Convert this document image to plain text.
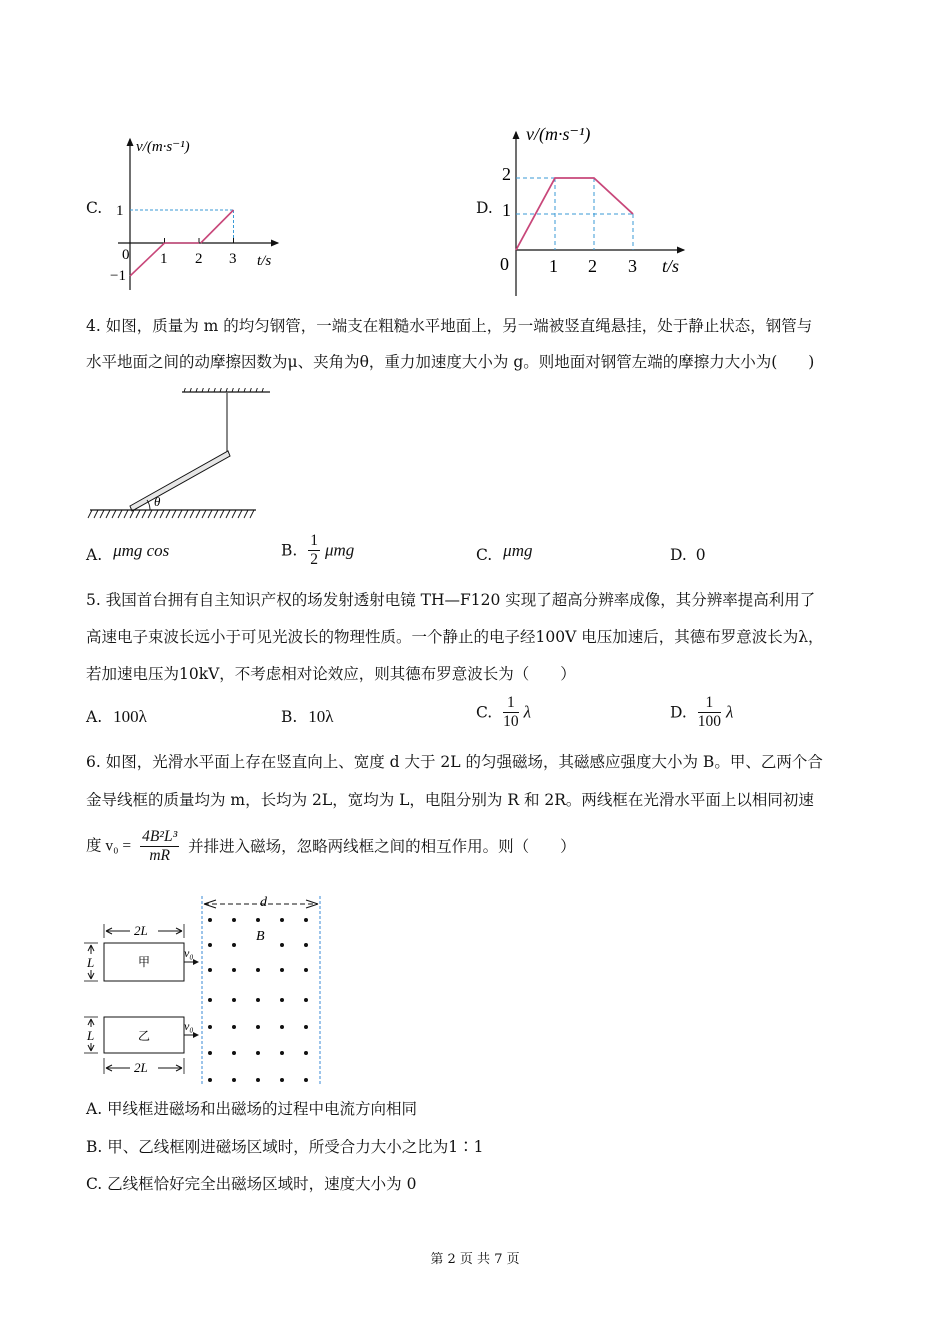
C.
v/(m·s⁻¹)
t/s
0 1 2 3
1
−1
D.
v/(m·s⁻¹)
t/s
0 1 2 3
2
1
4. 如图，质量为 m 的均匀钢管，一端支在粗糙水平地面上，另一端被竖直绳悬挂，处于静止状态，钢管与
水平地面之间的动摩擦因数为μ、夹角为θ，重力加速度大小为 g。则地面对钢管左端的摩擦力大小为(　　)
θ
A. μmg cos	B. $\frac{1}{2}$ μmg	C. μmg	D. 0
5. 我国首台拥有自主知识产权的场发射透射电镜 TH—F120 实现了超高分辨率成像，其分辨率提高利用了
高速电子束波长远小于可见光波长的物理性质。一个静止的电子经100V 电压加速后，其德布罗意波长为λ，
若加速电压为10kV，不考虑相对论效应，则其德布罗意波长为（　　）
A. 100λ	B. 10λ	C. $\frac{1}{10}$ λ	D. $\frac{1}{100}$ λ
6. 如图，光滑水平面上存在竖直向上、宽度 d 大于 2L 的匀强磁场，其磁感应强度大小为 B。甲、乙两个合
金导线框的质量均为 m，长均为 2L，宽均为 L，电阻分别为 R 和 2R。两线框在光滑水平面上以相同初速
度 $v_0 = \frac{\text{4B²L³}}{mR}$ 并排进入磁场，忽略两线框之间的相互作用。则（　　）
d
B
甲
v₀
乙
v₀
2L
2L
L
L
A. 甲线框进磁场和出磁场的过程中电流方向相同
B. 甲、乙线框刚进磁场区域时，所受合力大小之比为1∶1
C. 乙线框恰好完全出磁场区域时，速度大小为 0
第 2 页 共 7 页
